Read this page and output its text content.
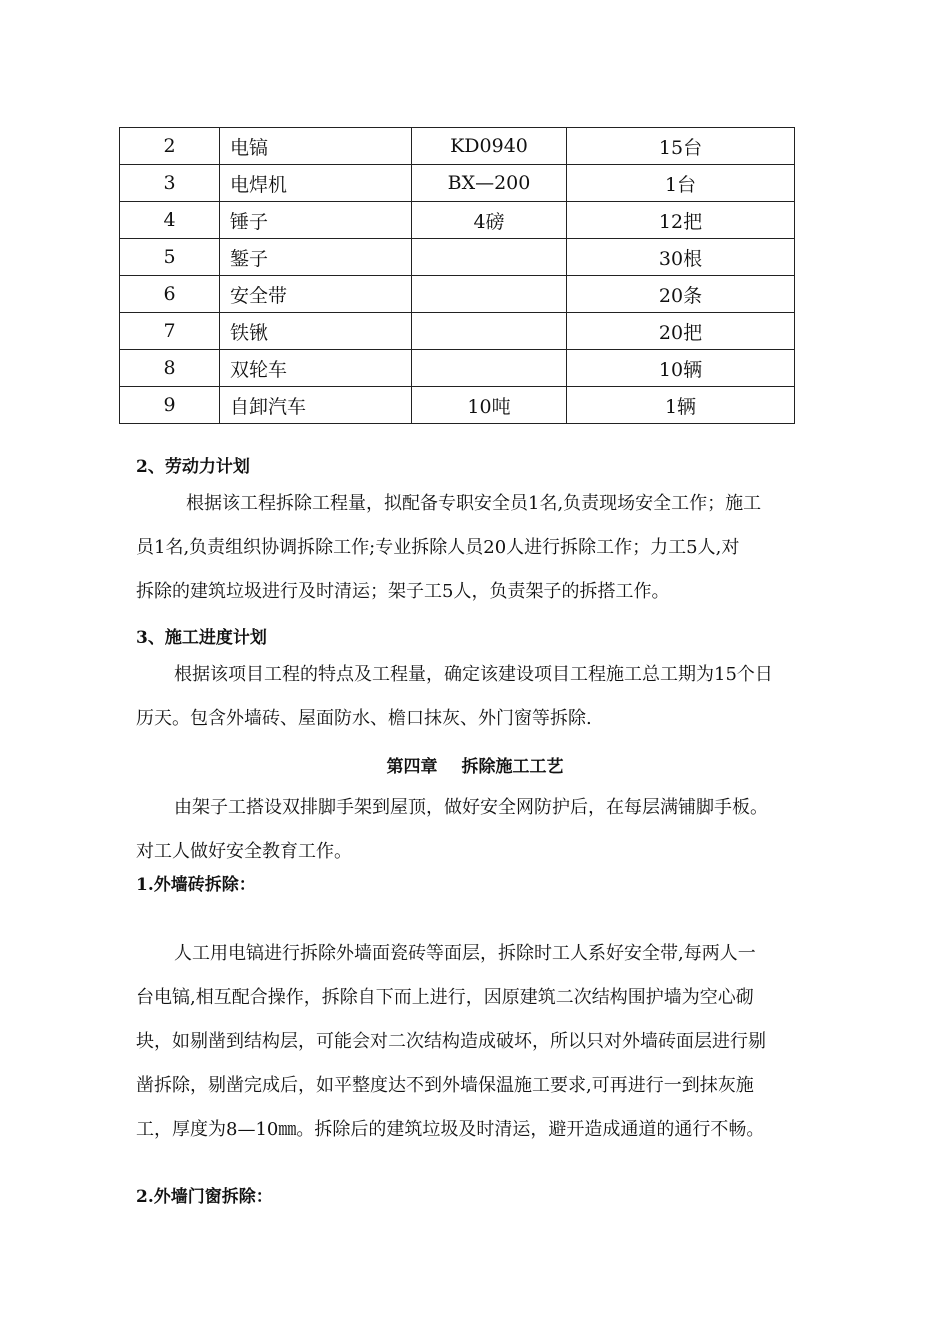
2	电镐	KD0940	15台
3	电焊机	BX—200	1台
4	锤子	4磅	12把
5	錾子		30根
6	安全带		20条
7	铁锹		20把
8	双轮车		10辆
9	自卸汽车	10吨	1辆
2、劳动力计划
根据该工程拆除工程量，拟配备专职安全员1名,负责现场安全工作；施工
员1名,负责组织协调拆除工作;专业拆除人员20人进行拆除工作；力工5人,对
拆除的建筑垃圾进行及时清运；架子工5人，负责架子的拆搭工作。
3、施工进度计划
根据该项目工程的特点及工程量，确定该建设项目工程施工总工期为15个日
历天。包含外墙砖、屋面防水、檐口抹灰、外门窗等拆除.
第四章 拆除施工工艺
由架子工搭设双排脚手架到屋顶，做好安全网防护后，在每层满铺脚手板。
对工人做好安全教育工作。
1.外墙砖拆除：
人工用电镐进行拆除外墙面瓷砖等面层，拆除时工人系好安全带,每两人一
台电镐,相互配合操作，拆除自下而上进行，因原建筑二次结构围护墙为空心砌
块，如剔凿到结构层，可能会对二次结构造成破坏，所以只对外墙砖面层进行剔
凿拆除，剔凿完成后，如平整度达不到外墙保温施工要求,可再进行一到抹灰施
工，厚度为8—10㎜。拆除后的建筑垃圾及时清运，避开造成通道的通行不畅。
2.外墙门窗拆除：
